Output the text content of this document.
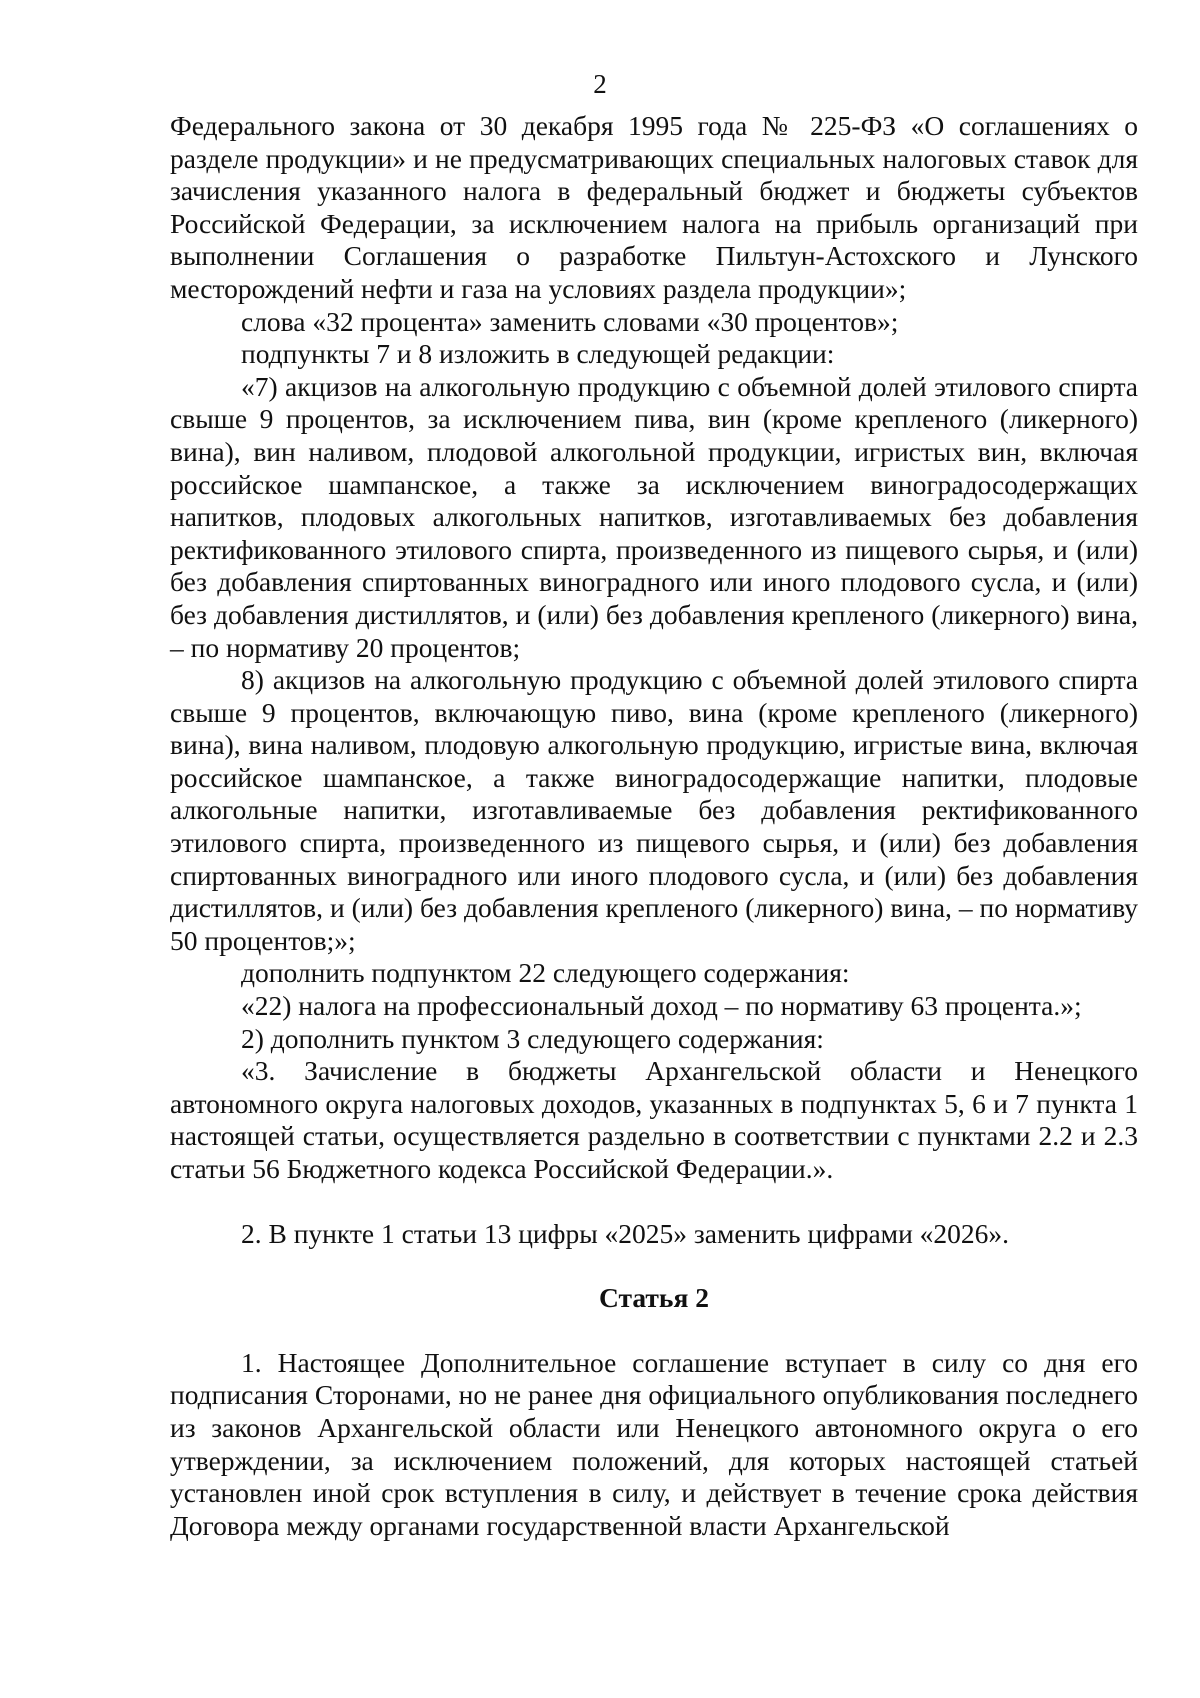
2

Федерального закона от 30 декабря 1995 года № 225-ФЗ «О соглашениях о разделе продукции» и не предусматривающих специальных налоговых ставок для зачисления указанного налога в федеральный бюджет и бюджеты субъектов Российской Федерации, за исключением налога на прибыль организаций при выполнении Соглашения о разработке Пильтун-Астохского и Лунского месторождений нефти и газа на условиях раздела продукции»;

слова «32 процента» заменить словами «30 процентов»;

подпункты 7 и 8 изложить в следующей редакции:

«7) акцизов на алкогольную продукцию с объемной долей этилового спирта свыше 9 процентов, за исключением пива, вин (кроме крепленого (ликерного) вина), вин наливом, плодовой алкогольной продукции, игристых вин, включая российское шампанское, а также за исключением виноградосодержащих напитков, плодовых алкогольных напитков, изготавливаемых без добавления ректификованного этилового спирта, произведенного из пищевого сырья, и (или) без добавления спиртованных виноградного или иного плодового сусла, и (или) без добавления дистиллятов, и (или) без добавления крепленого (ликерного) вина, – по нормативу 20 процентов;

8) акцизов на алкогольную продукцию с объемной долей этилового спирта свыше 9 процентов, включающую пиво, вина (кроме крепленого (ликерного) вина), вина наливом, плодовую алкогольную продукцию, игристые вина, включая российское шампанское, а также виноградосодержащие напитки, плодовые алкогольные напитки, изготавливаемые без добавления ректификованного этилового спирта, произведенного из пищевого сырья, и (или) без добавления спиртованных виноградного или иного плодового сусла, и (или) без добавления дистиллятов, и (или) без добавления крепленого (ликерного) вина, – по нормативу 50 процентов;»;

дополнить подпунктом 22 следующего содержания:

«22) налога на профессиональный доход – по нормативу 63 процента.»;

2) дополнить пунктом 3 следующего содержания:

«3. Зачисление в бюджеты Архангельской области и Ненецкого автономного округа налоговых доходов, указанных в подпунктах 5, 6 и 7 пункта 1 настоящей статьи, осуществляется раздельно в соответствии с пунктами 2.2 и 2.3 статьи 56 Бюджетного кодекса Российской Федерации.».

2. В пункте 1 статьи 13 цифры «2025» заменить цифрами «2026».

Статья 2

1. Настоящее Дополнительное соглашение вступает в силу со дня его подписания Сторонами, но не ранее дня официального опубликования последнего из законов Архангельской области или Ненецкого автономного округа о его утверждении, за исключением положений, для которых настоящей статьей установлен иной срок вступления в силу, и действует в течение срока действия Договора между органами государственной власти Архангельской
